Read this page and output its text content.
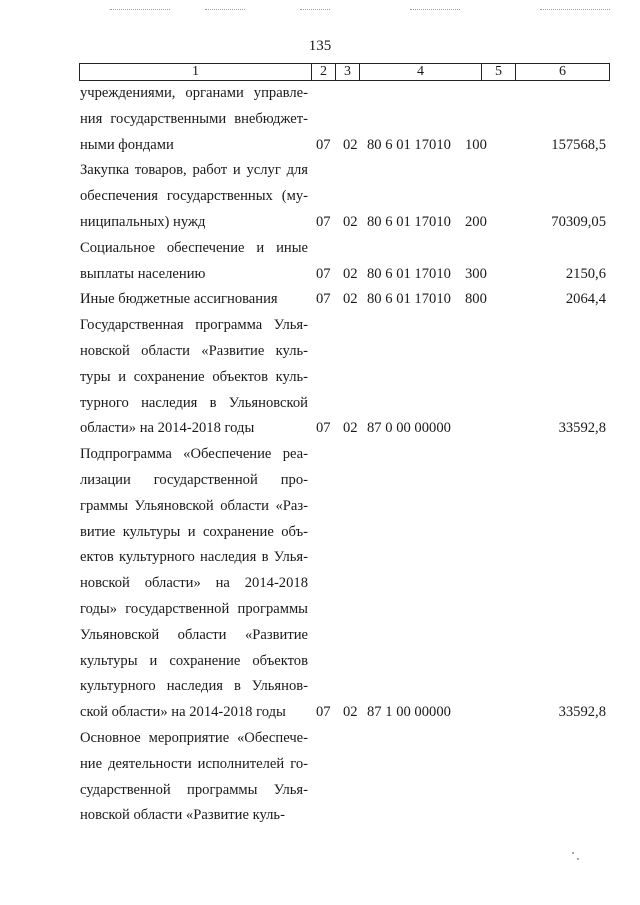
135
1	2	3	4	5	6
учреждениями, органами управле-
ния государственными внебюджет-
ными фондами	07 02 80 6 01 17010 100	157568,5
Закупка товаров, работ и услуг для
обеспечения государственных (му-
ниципальных) нужд	07 02 80 6 01 17010 200	70309,05
Социальное обеспечение и иные
выплаты населению	07 02 80 6 01 17010 300	2150,6
Иные бюджетные ассигнования	07 02 80 6 01 17010 800	2064,4
Государственная программа Улья-
новской области «Развитие куль-
туры и сохранение объектов куль-
турного наследия в Ульяновской
области» на 2014-2018 годы	07 02 87 0 00 00000	33592,8
Подпрограмма «Обеспечение реа-
лизации государственной про-
граммы Ульяновской области «Раз-
витие культуры и сохранение объ-
ектов культурного наследия в Улья-
новской области» на 2014-2018
годы» государственной программы
Ульяновской области «Развитие
культуры и сохранение объектов
культурного наследия в Ульянов-
ской области» на 2014-2018 годы	07 02 87 1 00 00000	33592,8
Основное мероприятие «Обеспече-
ние деятельности исполнителей го-
сударственной программы Улья-
новской области «Развитие куль-
